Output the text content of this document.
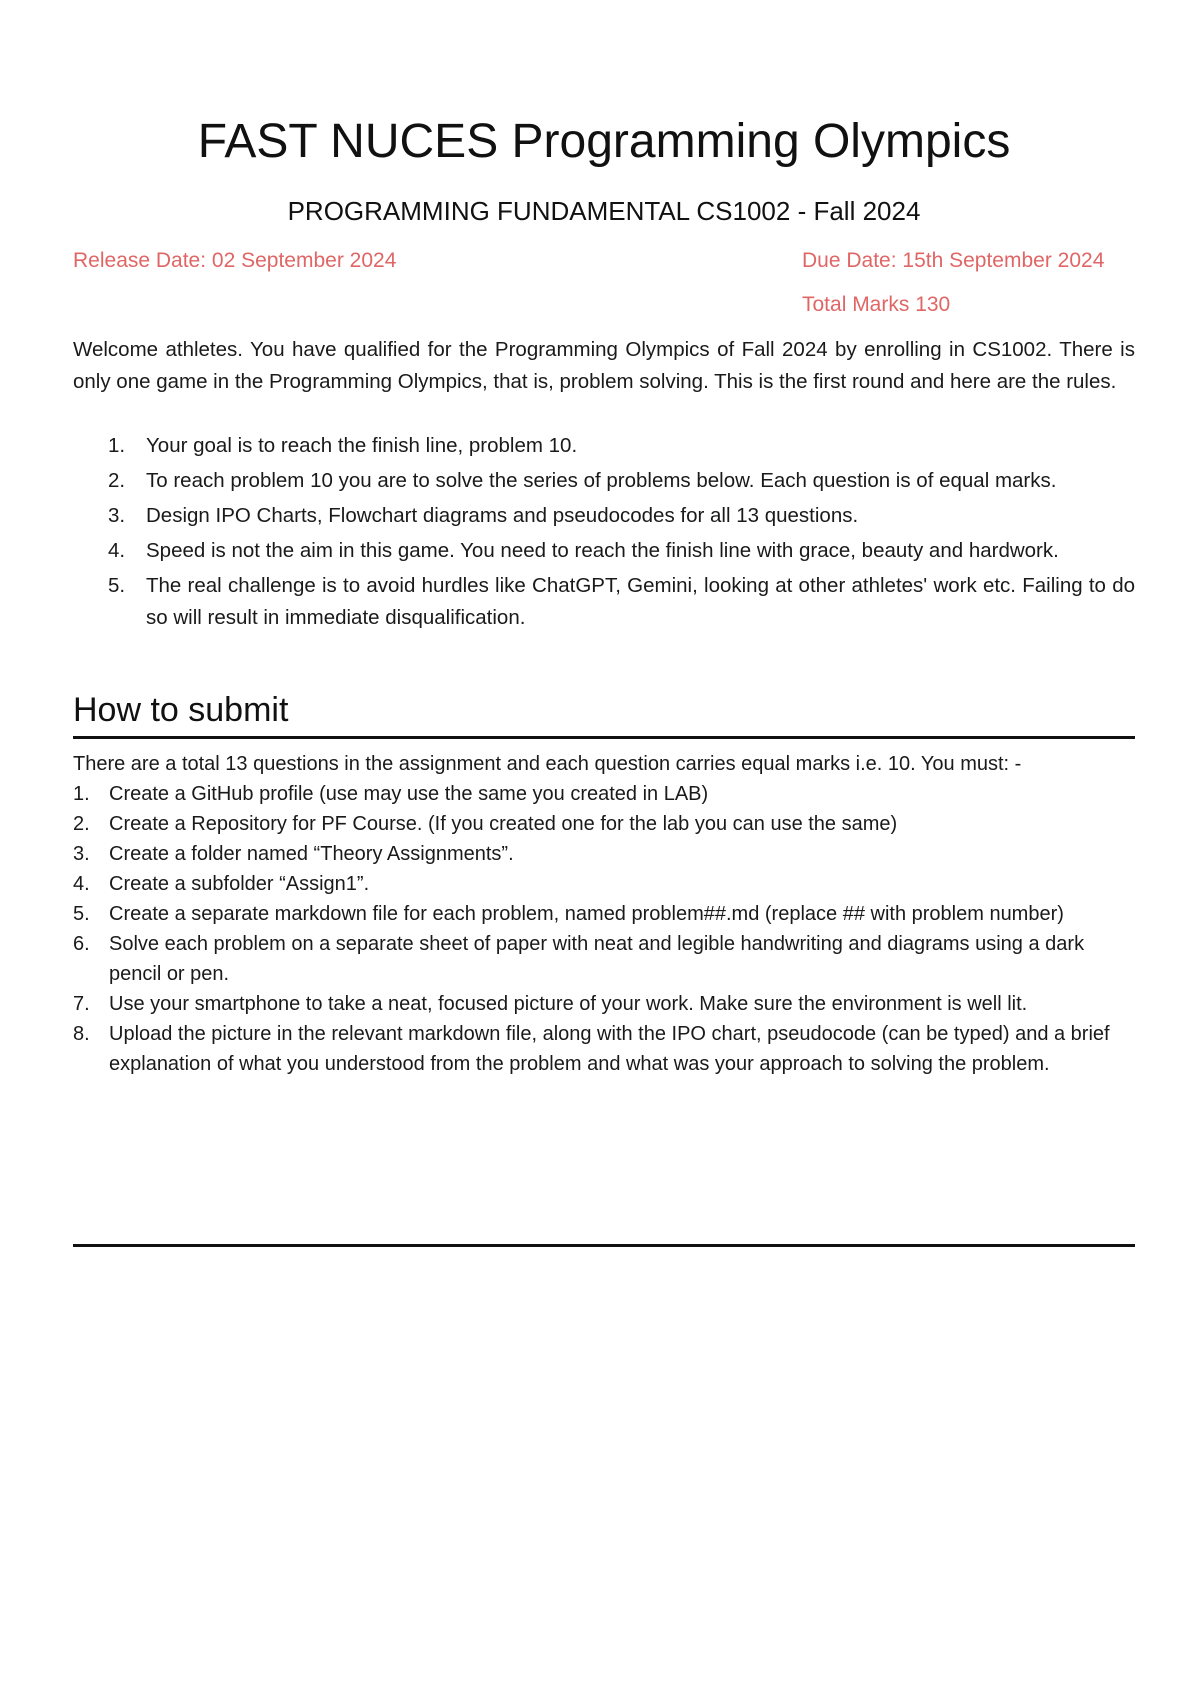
FAST NUCES Programming Olympics
PROGRAMMING FUNDAMENTAL CS1002 - Fall 2024
Release Date: 02 September 2024	Due Date: 15th September 2024
Total Marks 130

Welcome athletes. You have qualified for the Programming Olympics of Fall 2024 by enrolling in CS1002. There is only one game in the Programming Olympics, that is, problem solving. This is the first round and here are the rules.

1. Your goal is to reach the finish line, problem 10.
2. To reach problem 10 you are to solve the series of problems below. Each question is of equal marks.
3. Design IPO Charts, Flowchart diagrams and pseudocodes for all 13 questions.
4. Speed is not the aim in this game. You need to reach the finish line with grace, beauty and hardwork.
5. The real challenge is to avoid hurdles like ChatGPT, Gemini, looking at other athletes' work etc. Failing to do so will result in immediate disqualification.
How to submit

There are a total 13 questions in the assignment and each question carries equal marks i.e. 10. You must: -

1. Create a GitHub profile (use may use the same you created in LAB)
2. Create a Repository for PF Course. (If you created one for the lab you can use the same)
3. Create a folder named “Theory Assignments”.
4. Create a subfolder “Assign1”.
5. Create a separate markdown file for each problem, named problem##.md (replace ## with problem number)
6. Solve each problem on a separate sheet of paper with neat and legible handwriting and diagrams using a dark pencil or pen.
7. Use your smartphone to take a neat, focused picture of your work. Make sure the environment is well lit.
8. Upload the picture in the relevant markdown file, along with the IPO chart, pseudocode (can be typed) and a brief explanation of what you understood from the problem and what was your approach to solving the problem.
